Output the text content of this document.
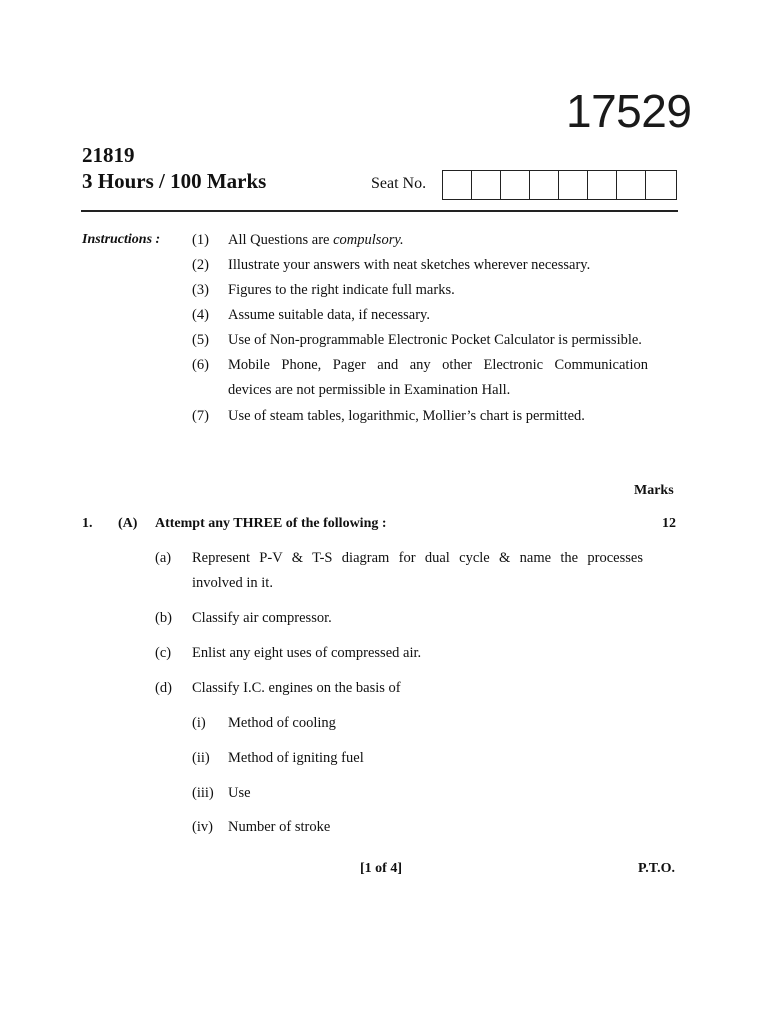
17529
21819
3 Hours / 100 Marks	Seat No.
Instructions : (1) All Questions are compulsory.
(2) Illustrate your answers with neat sketches wherever necessary.
(3) Figures to the right indicate full marks.
(4) Assume suitable data, if necessary.
(5) Use of Non-programmable Electronic Pocket Calculator is permissible.
(6) Mobile Phone, Pager and any other Electronic Communication
devices are not permissible in Examination Hall.
(7) Use of steam tables, logarithmic, Mollier’s chart is permitted.
Marks
1. (A) Attempt any THREE of the following :	12
(a) Represent P-V & T-S diagram for dual cycle & name the processes
involved in it.
(b) Classify air compressor.
(c) Enlist any eight uses of compressed air.
(d) Classify I.C. engines on the basis of
(i) Method of cooling
(ii) Method of igniting fuel
(iii) Use
(iv) Number of stroke
[1 of 4]	P.T.O.
